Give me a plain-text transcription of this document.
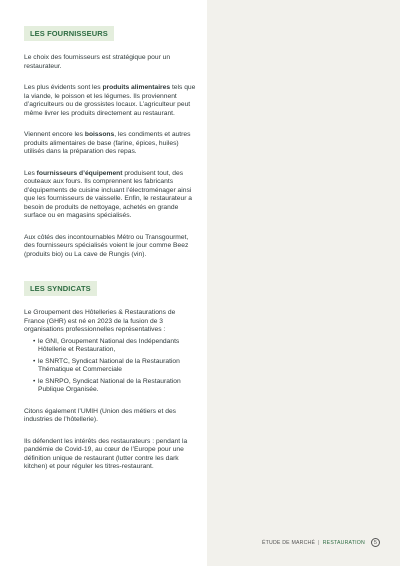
LES FOURNISSEURS

Le choix des fournisseurs est stratégique pour un restaurateur.

Les plus évidents sont les produits alimentaires tels que la viande, le poisson et les légumes. Ils proviennent d’agriculteurs ou de grossistes locaux. L’agriculteur peut même livrer les produits directement au restaurant.

Viennent encore les boissons, les condiments et autres produits alimentaires de base (farine, épices, huiles) utilisés dans la préparation des repas.

Les fournisseurs d’équipement produisent tout, des couteaux aux fours. Ils comprennent les fabricants d’équipements de cuisine incluant l’électroménager ainsi que les fournisseurs de vaisselle. Enfin, le restaurateur a besoin de produits de nettoyage, achetés en grande surface ou en magasins spécialisés.

Aux côtés des incontournables Métro ou Transgourmet, des fournisseurs spécialisés voient le jour comme Beez (produits bio) ou La cave de Rungis (vin).

LES SYNDICATS

Le Groupement des Hôtelleries & Restaurations de France (GHR) est né en 2023 de la fusion de 3 organisations professionnelles représentatives :

• le GNI, Groupement National des Indépendants Hôtellerie et Restauration,
• le SNRTC, Syndicat National de la Restauration Thématique et Commerciale
• le SNRPO, Syndicat National de la Restauration Publique Organisée.

Citons également l’UMIH (Union des métiers et des industries de l’hôtellerie).

Ils défendent les intérêts des restaurateurs : pendant la pandémie de Covid-19, au cœur de l’Europe pour une définition unique de restaurant (lutter contre les dark kitchen) et pour réguler les titres-restaurant.

ÉTUDE DE MARCHÉ | RESTAURATION	5
